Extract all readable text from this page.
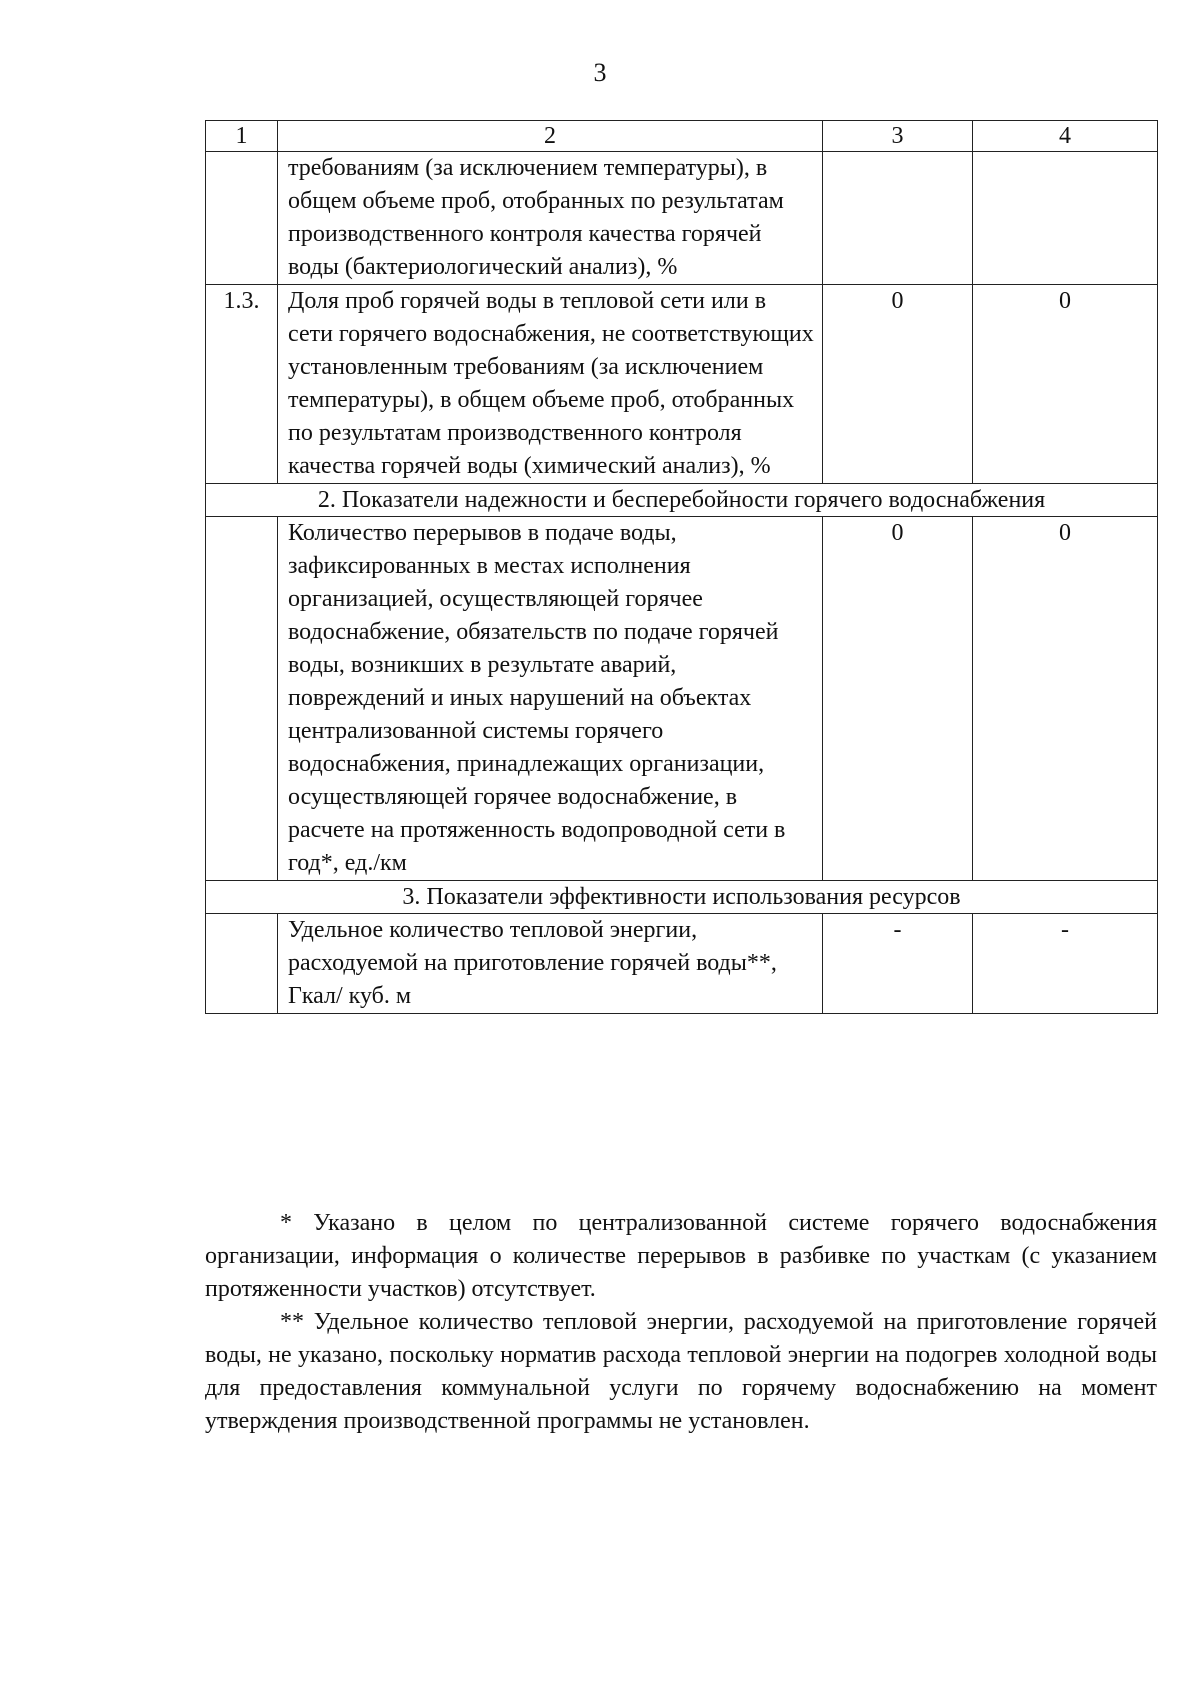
3
1	2	3	4
	требованиям (за исключением температуры), в общем объеме проб, отобранных по результатам производственного контроля качества горячей воды (бактериологический анализ), %		
1.3.	Доля проб горячей воды в тепловой сети или в сети горячего водоснабжения, не соответствующих установленным требованиям (за исключением температуры), в общем объеме проб, отобранных по результатам производственного контроля качества горячей воды (химический анализ), %	0	0
2. Показатели надежности и бесперебойности горячего водоснабжения			
	Количество перерывов в подаче воды, зафиксированных в местах исполнения организацией, осуществляющей горячее водоснабжение, обязательств по подаче горячей воды, возникших в результате аварий, повреждений и иных нарушений на объектах централизованной системы горячего водоснабжения, принадлежащих организации, осуществляющей горячее водоснабжение, в расчете на протяженность водопроводной сети в год*, ед./км	0	0
3. Показатели эффективности использования ресурсов			
	Удельное количество тепловой энергии, расходуемой на приготовление горячей воды**, Гкал/ куб. м	-	-

* Указано в целом по централизованной системе горячего водоснабжения организации, информация о количестве перерывов в разбивке по участкам (с указанием протяженности участков) отсутствует.

** Удельное количество тепловой энергии, расходуемой на приготовление горячей воды, не указано, поскольку норматив расхода тепловой энергии на подогрев холодной воды для предоставления коммунальной услуги по горячему водоснабжению на момент утверждения производственной программы не установлен.
